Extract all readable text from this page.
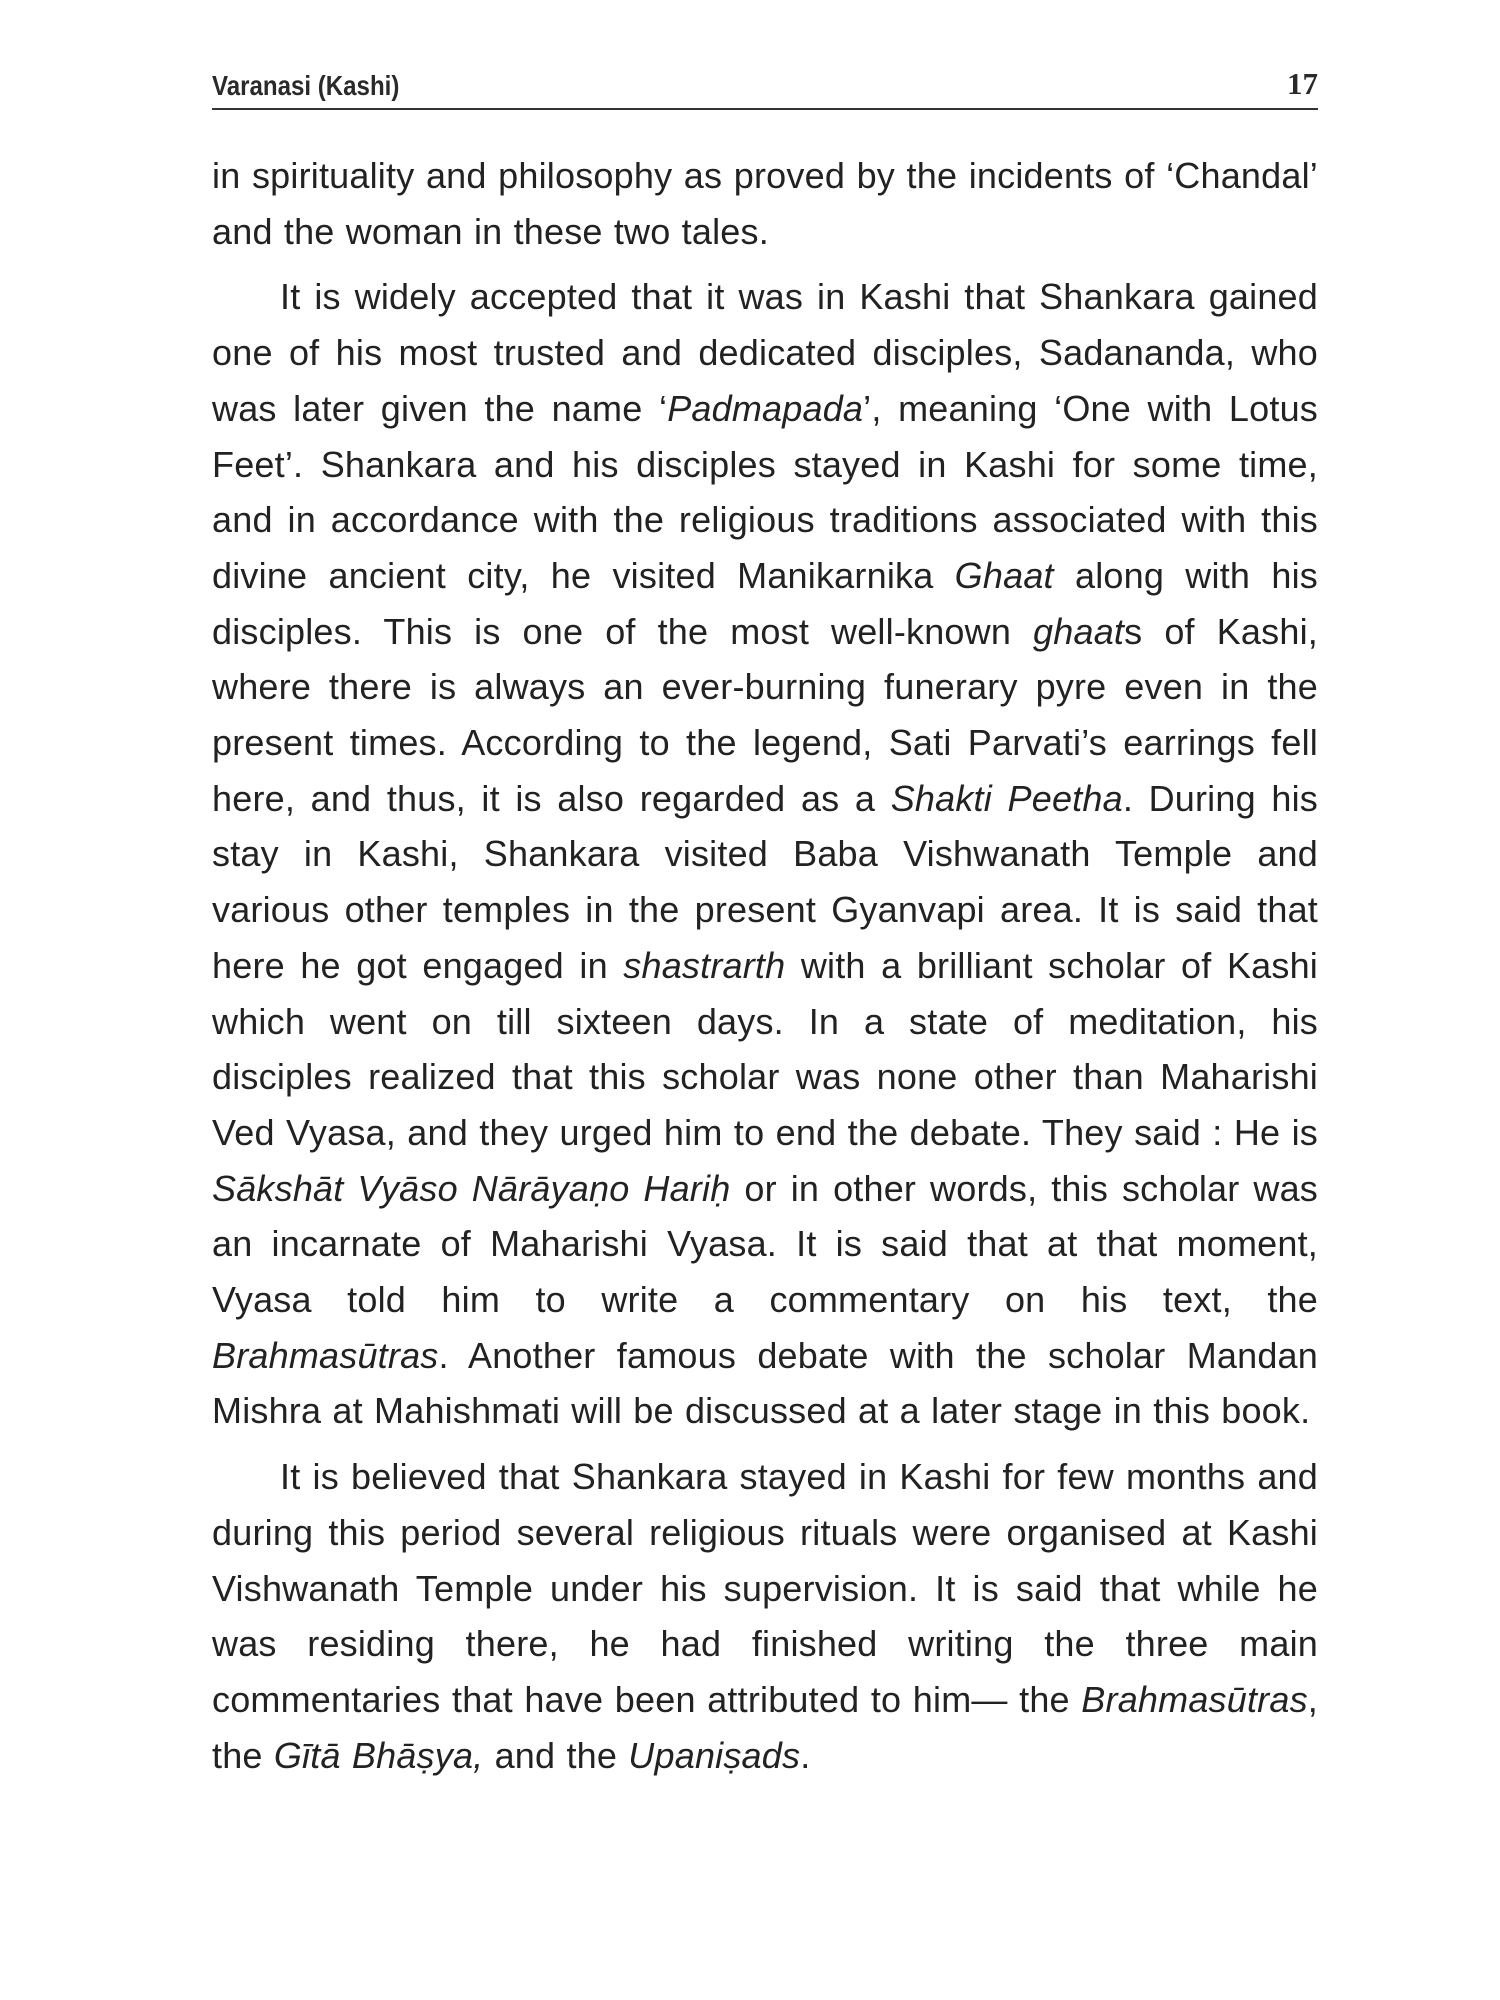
Varanasi (Kashi)	17

in spirituality and philosophy as proved by the incidents of ‘Chandal’ and the woman in these two tales.

It is widely accepted that it was in Kashi that Shankara gained one of his most trusted and dedicated disciples, Sadananda, who was later given the name ‘Padmapada’, meaning ‘One with Lotus Feet’. Shankara and his disciples stayed in Kashi for some time, and in accordance with the religious traditions associated with this divine ancient city, he visited Manikarnika Ghaat along with his disciples. This is one of the most well-known ghaats of Kashi, where there is always an ever-burning funerary pyre even in the present times. According to the legend, Sati Parvati’s earrings fell here, and thus, it is also regarded as a Shakti Peetha. During his stay in Kashi, Shankara visited Baba Vishwanath Temple and various other temples in the present Gyanvapi area. It is said that here he got engaged in shastrarth with a brilliant scholar of Kashi which went on till sixteen days. In a state of meditation, his disciples realized that this scholar was none other than Maharishi Ved Vyasa, and they urged him to end the debate. They said : He is Sākshāt Vyāso Nārāyaṇo Hariḥ or in other words, this scholar was an incarnate of Maharishi Vyasa. It is said that at that moment, Vyasa told him to write a commentary on his text, the Brahmasūtras. Another famous debate with the scholar Mandan Mishra at Mahishmati will be discussed at a later stage in this book.

It is believed that Shankara stayed in Kashi for few months and during this period several religious rituals were organised at Kashi Vishwanath Temple under his supervision. It is said that while he was residing there, he had finished writing the three main commentaries that have been attributed to him— the Brahmasūtras, the Gītā Bhāṣya, and the Upaniṣads.
